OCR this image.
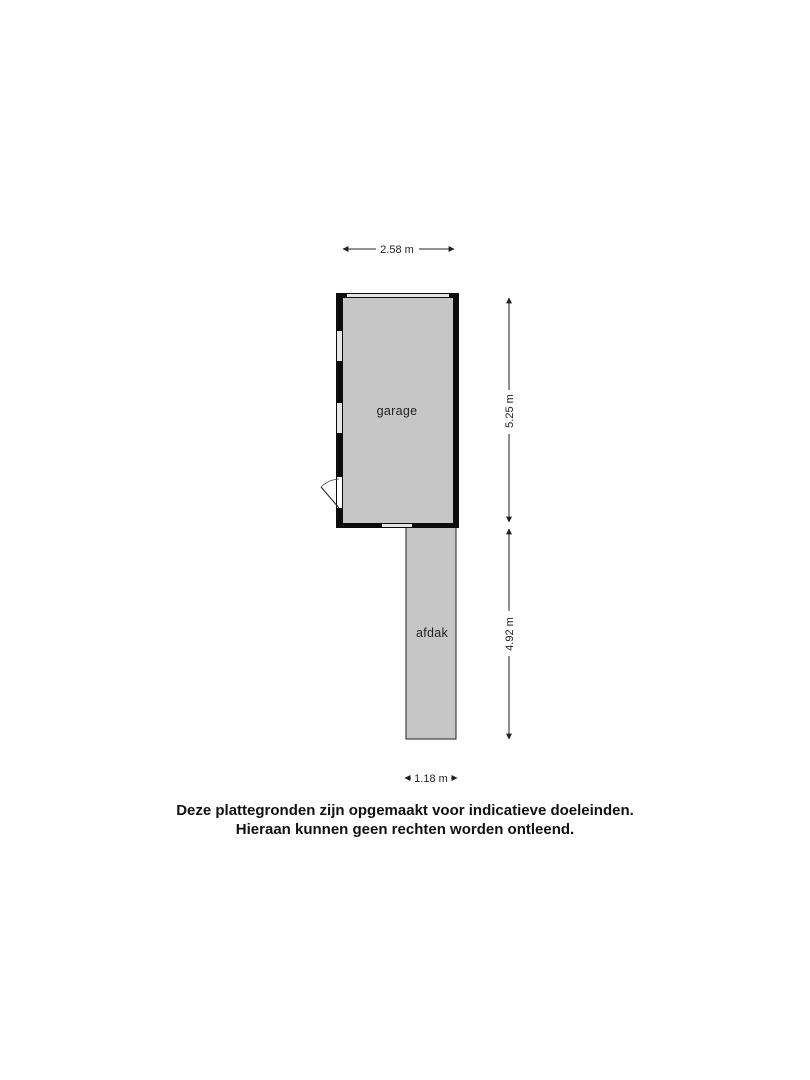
2.58 m
afdak
garage	5.25 m
4.92 m
1.18 m
Deze plattegronden zijn opgemaakt voor indicatieve doeleinden.
Hieraan kunnen geen rechten worden ontleend.
